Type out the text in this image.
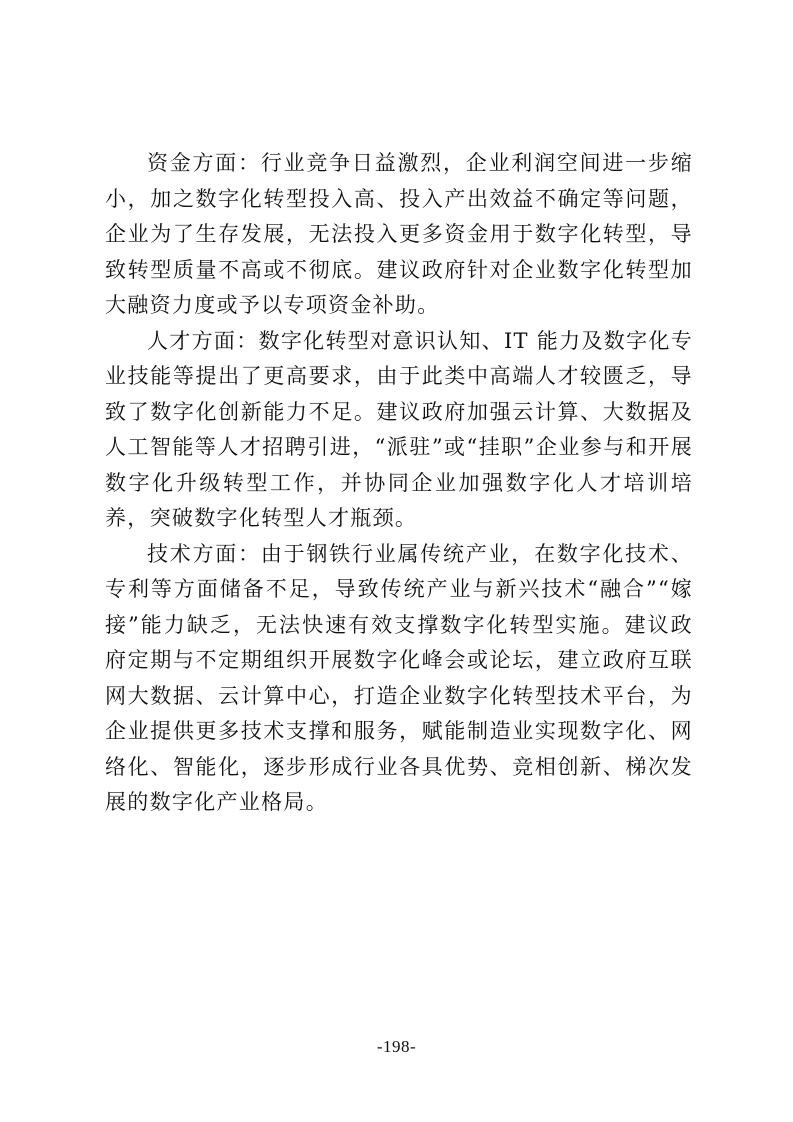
资金方面：行业竞争日益激烈，企业利润空间进一步缩小，加之数字化转型投入高、投入产出效益不确定等问题，企业为了生存发展，无法投入更多资金用于数字化转型，导致转型质量不高或不彻底。建议政府针对企业数字化转型加大融资力度或予以专项资金补助。

人才方面：数字化转型对意识认知、IT 能力及数字化专业技能等提出了更高要求，由于此类中高端人才较匮乏，导致了数字化创新能力不足。建议政府加强云计算、大数据及人工智能等人才招聘引进，“派驻”或“挂职”企业参与和开展数字化升级转型工作，并协同企业加强数字化人才培训培养，突破数字化转型人才瓶颈。

技术方面：由于钢铁行业属传统产业，在数字化技术、专利等方面储备不足，导致传统产业与新兴技术“融合”“嫁接”能力缺乏，无法快速有效支撑数字化转型实施。建议政府定期与不定期组织开展数字化峰会或论坛，建立政府互联网大数据、云计算中心，打造企业数字化转型技术平台，为企业提供更多技术支撑和服务，赋能制造业实现数字化、网络化、智能化，逐步形成行业各具优势、竞相创新、梯次发展的数字化产业格局。

-198-
